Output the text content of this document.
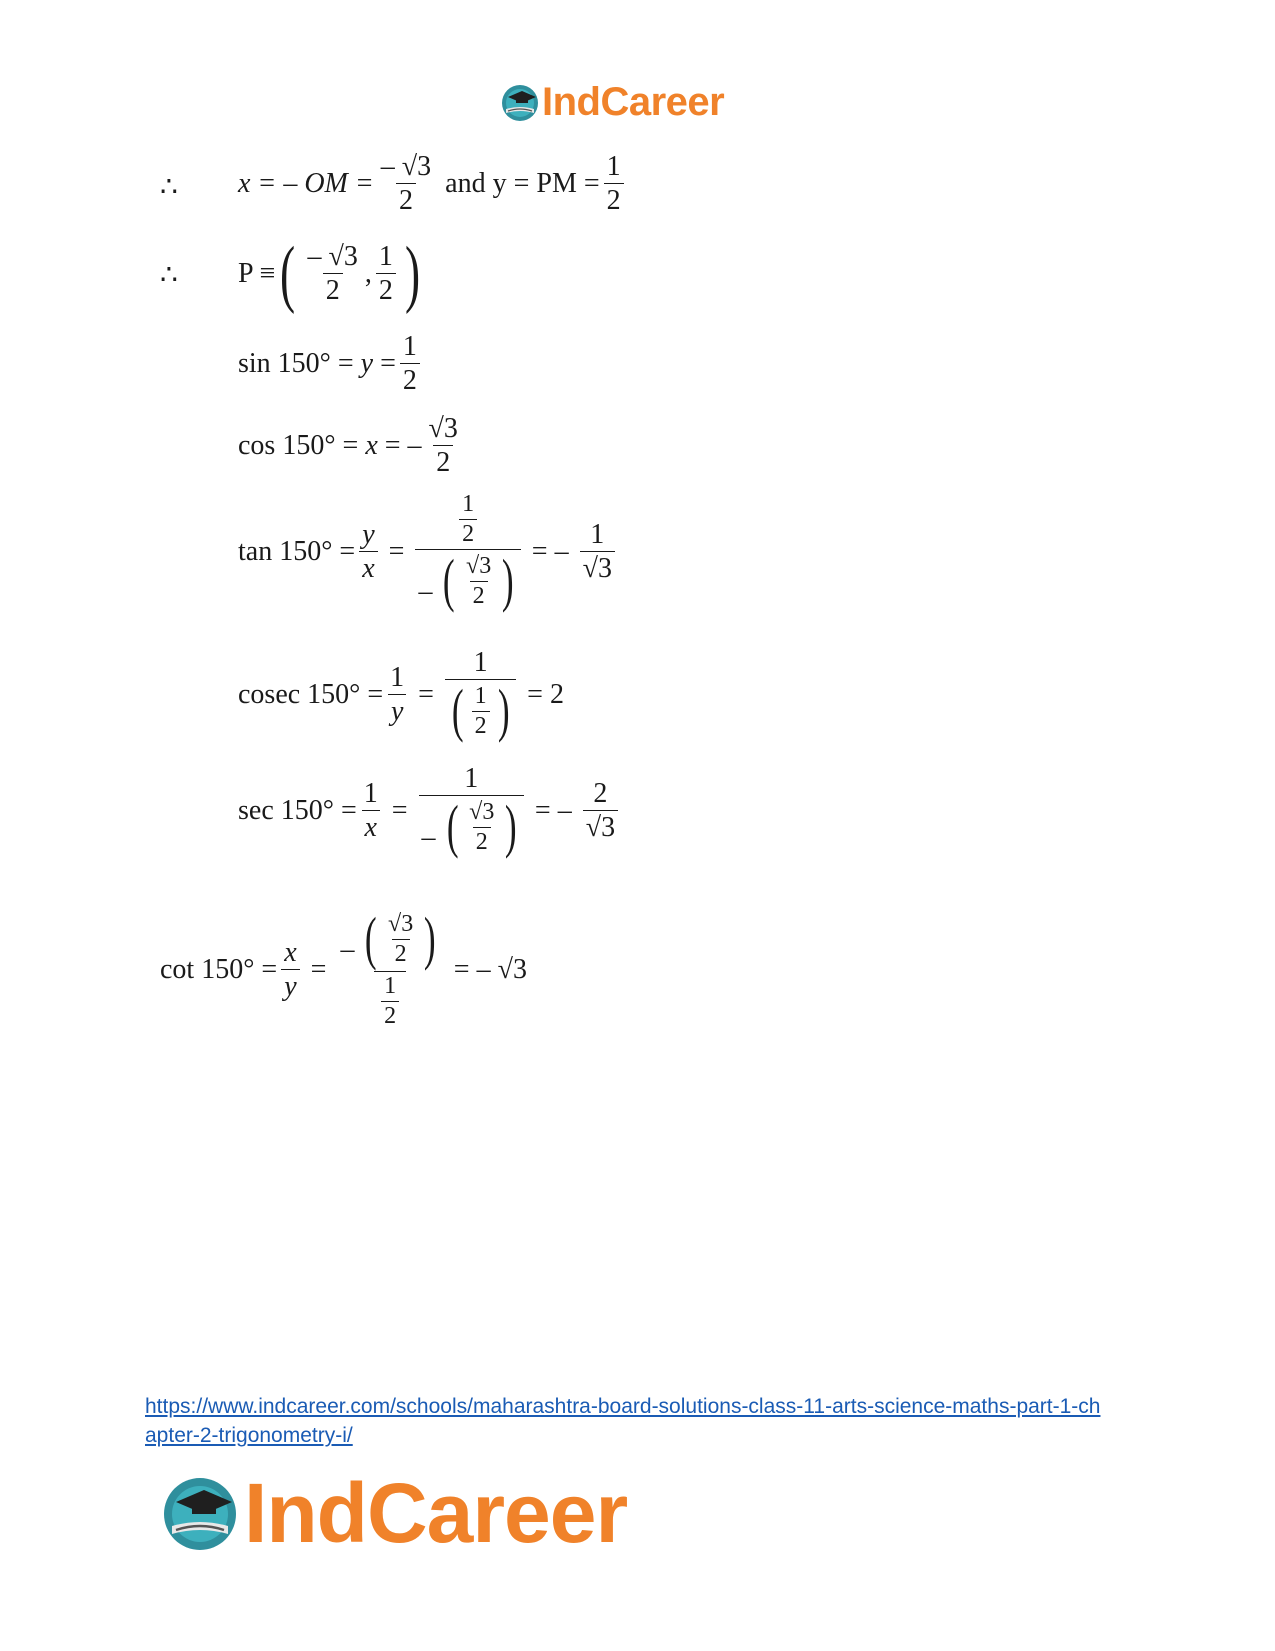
IndCareer
∴ x = – OM = $\frac{- √3}{2}$ and y = PM = $\frac{1}{2}$
∴ P ≡ ( $\frac{- √3}{2}$ , $\frac{1}{2}$ )
$\sin 150^\circ = y = \frac{1}{2}$
cos 150° = x = – $\frac{√3}{2}$
$\tan 150^\circ = \frac{y}{x}$ =
$\frac{1}{2}$
– ( $\frac{√3}{2}$ ) = – $\frac{1}{√3}$
cosec $150^\circ = \frac{1}{y} = \frac{1}{( \frac{1}{2} )} = 2$
$\sec 150^\circ = \frac{1}{x}$ =
1
– ( $\frac{√3}{2}$ ) = – $\frac{2}{√3}$
$\cot 150^\circ = \frac{x}{y}$ =
– ( $\frac{√3}{2}$ )
$\frac{1}{2}$
= – √3
https://www.indcareer.com/schools/maharashtra-board-solutions-class-11-arts-science-maths-part-1-chapter-2-trigonometry-i/
IndCareer
